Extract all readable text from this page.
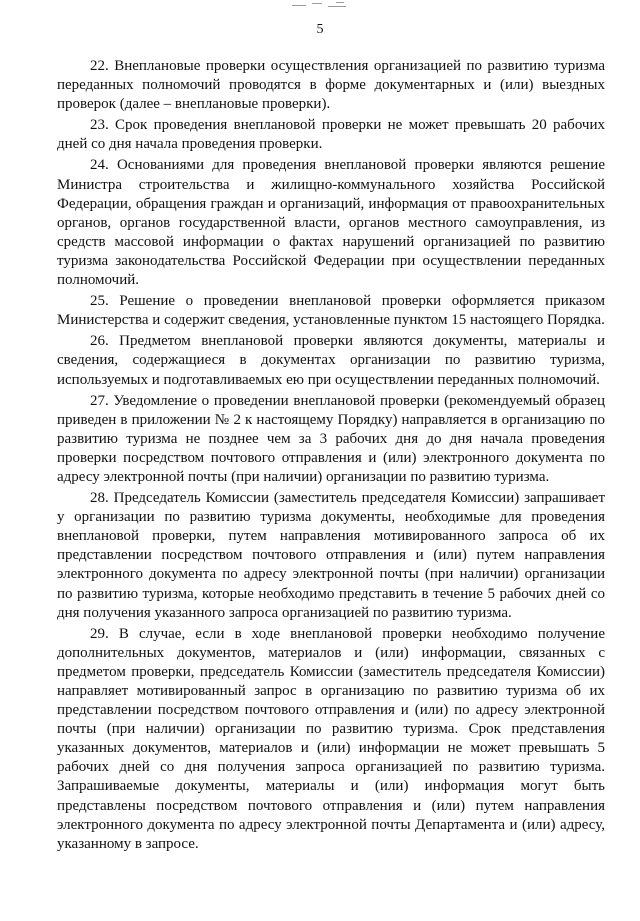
5

22. Внеплановые проверки осуществления организацией по развитию туризма переданных полномочий проводятся в форме документарных и (или) выездных проверок (далее – внеплановые проверки).

23. Срок проведения внеплановой проверки не может превышать 20 рабочих дней со дня начала проведения проверки.

24. Основаниями для проведения внеплановой проверки являются решение Министра строительства и жилищно-коммунального хозяйства Российской Федерации, обращения граждан и организаций, информация от правоохранительных органов, органов государственной власти, органов местного самоуправления, из средств массовой информации о фактах нарушений организацией по развитию туризма законодательства Российской Федерации при осуществлении переданных полномочий.

25. Решение о проведении внеплановой проверки оформляется приказом Министерства и содержит сведения, установленные пунктом 15 настоящего Порядка.

26. Предметом внеплановой проверки являются документы, материалы и сведения, содержащиеся в документах организации по развитию туризма, используемых и подготавливаемых ею при осуществлении переданных полномочий.

27. Уведомление о проведении внеплановой проверки (рекомендуемый образец приведен в приложении № 2 к настоящему Порядку) направляется в организацию по развитию туризма не позднее чем за 3 рабочих дня до дня начала проведения проверки посредством почтового отправления и (или) электронного документа по адресу электронной почты (при наличии) организации по развитию туризма.

28. Председатель Комиссии (заместитель председателя Комиссии) запрашивает у организации по развитию туризма документы, необходимые для проведения внеплановой проверки, путем направления мотивированного запроса об их представлении посредством почтового отправления и (или) путем направления электронного документа по адресу электронной почты (при наличии) организации по развитию туризма, которые необходимо представить в течение 5 рабочих дней со дня получения указанного запроса организацией по развитию туризма.

29. В случае, если в ходе внеплановой проверки необходимо получение дополнительных документов, материалов и (или) информации, связанных с предметом проверки, председатель Комиссии (заместитель председателя Комиссии) направляет мотивированный запрос в организацию по развитию туризма об их представлении посредством почтового отправления и (или) по адресу электронной почты (при наличии) организации по развитию туризма. Срок представления указанных документов, материалов и (или) информации не может превышать 5 рабочих дней со дня получения запроса организацией по развитию туризма. Запрашиваемые документы, материалы и (или) информация могут быть представлены посредством почтового отправления и (или) путем направления электронного документа по адресу электронной почты Департамента и (или) адресу, указанному в запросе.
